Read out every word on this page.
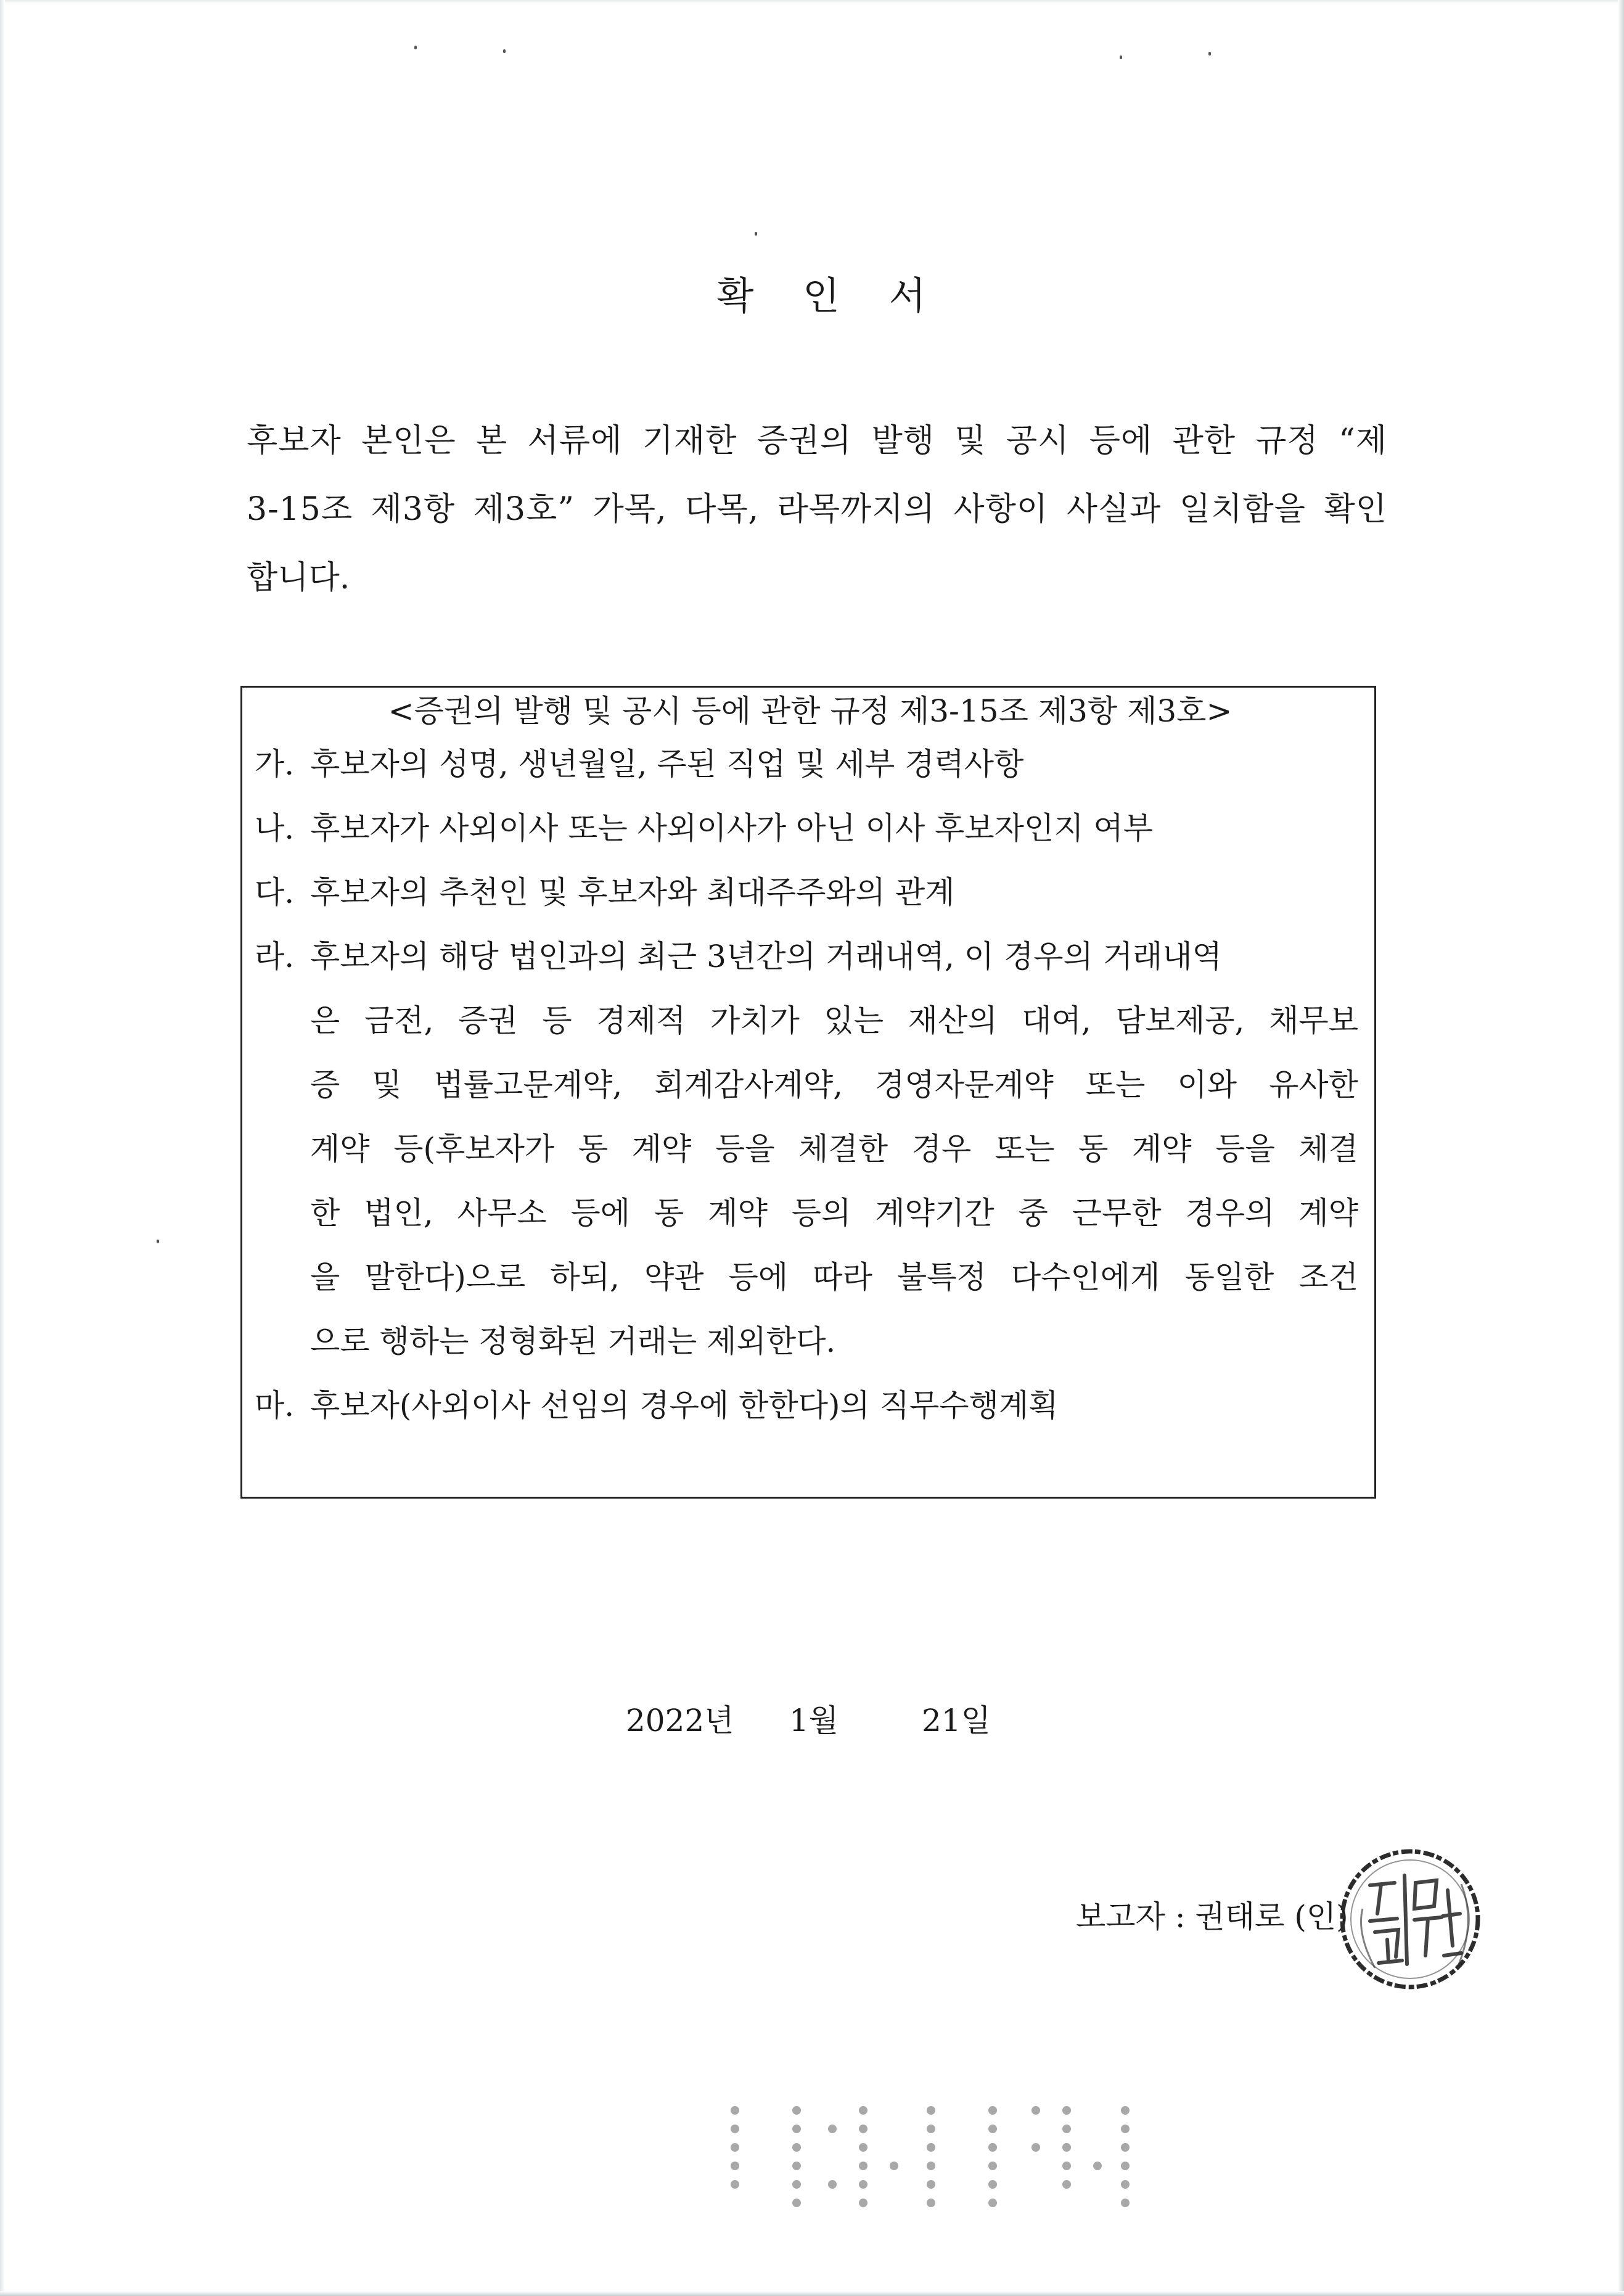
확 인 서
후보자 본인은 본 서류에 기재한 증권의 발행 및 공시 등에 관한 규정 “제
3-15조 제3항 제3호” 가목, 다목, 라목까지의 사항이 사실과 일치함을 확인
합니다.
<증권의 발행 및 공시 등에 관한 규정 제3-15조 제3항 제3호>
가. 후보자의 성명, 생년월일, 주된 직업 및 세부 경력사항
나. 후보자가 사외이사 또는 사외이사가 아닌 이사 후보자인지 여부
다. 후보자의 추천인 및 후보자와 최대주주와의 관계
라. 후보자의 해당 법인과의 최근 3년간의 거래내역, 이 경우의 거래내역
은 금전, 증권 등 경제적 가치가 있는 재산의 대여, 담보제공, 채무보
증 및 법률고문계약, 회계감사계약, 경영자문계약 또는 이와 유사한
계약 등(후보자가 동 계약 등을 체결한 경우 또는 동 계약 등을 체결
한 법인, 사무소 등에 동 계약 등의 계약기간 중 근무한 경우의 계약
을 말한다)으로 하되, 약관 등에 따라 불특정 다수인에게 동일한 조건
으로 행하는 정형화된 거래는 제외한다.
마. 후보자(사외이사 선임의 경우에 한한다)의 직무수행계획
2022년 1월	21일
보고자 : 권태로 (인)
